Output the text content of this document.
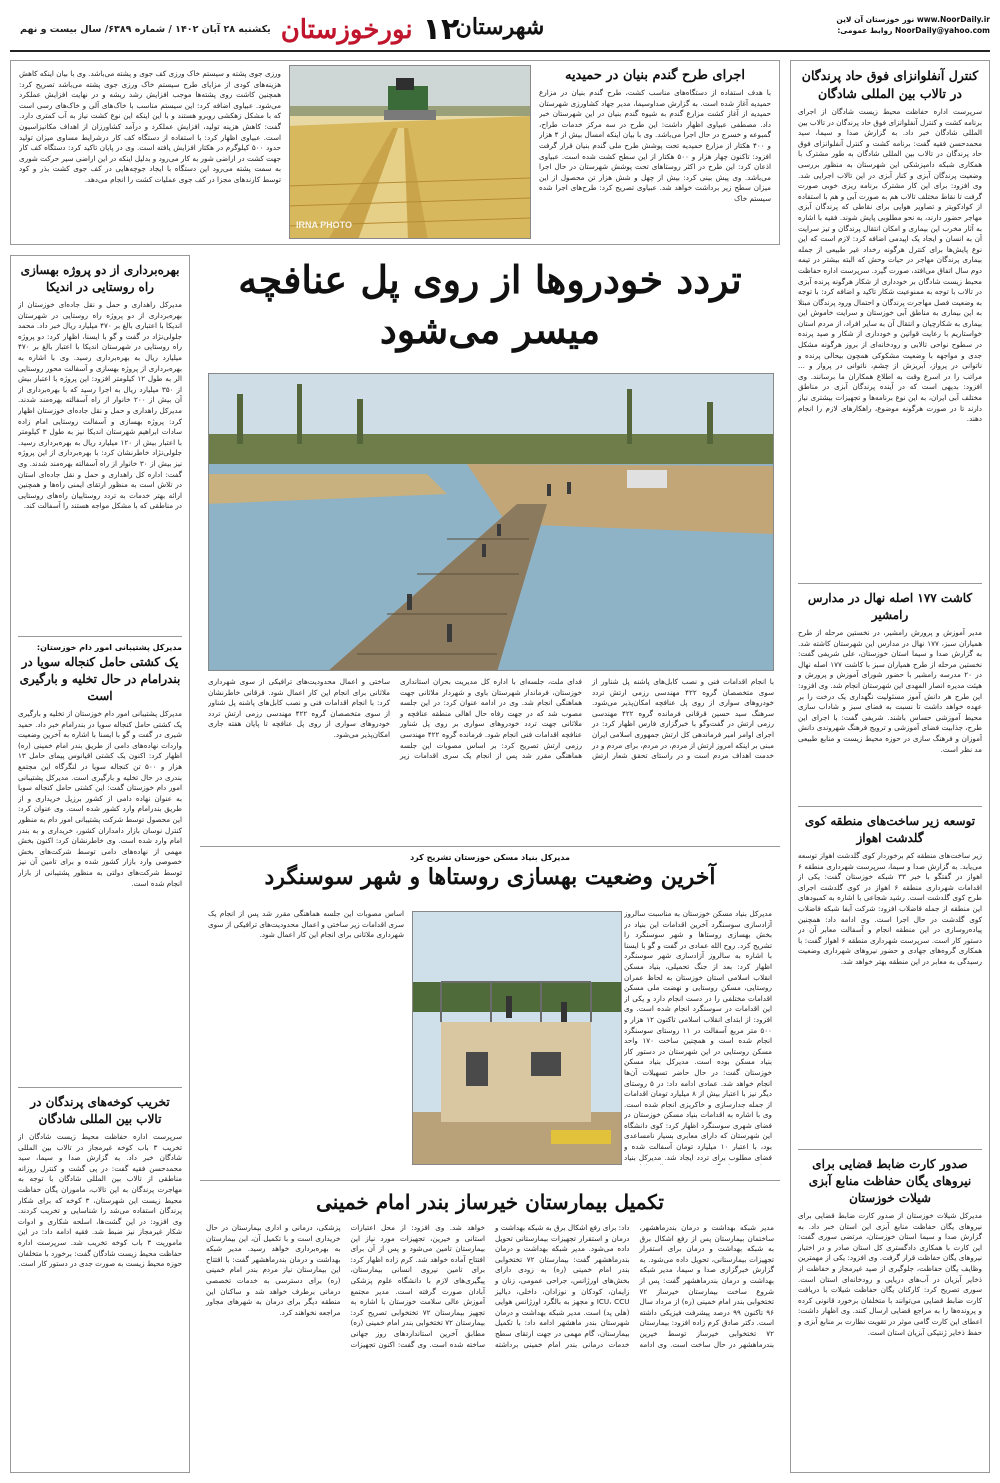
۱۲
نورخوزستان
یکشنبه ۲۸ آبان ۱۴۰۲ / شماره ۶۳۸۹/ سال بیست و نهم	شهرستان	www.NoorDaily.ir نور خوزستان آن لاین
NoorDaily@yahoo.com روابط عمومی:
کنترل آنفلوانزای فوق حاد پرندگان در تالاب بین المللی شادگان
سرپرست اداره حفاظت محیط زیست شادگان از اجرای برنامه کشت و کنترل آنفلوانزای فوق حاد پرندگان در تالاب بین المللی شادگان خبر داد. به گزارش صدا و سیما، سید محمدحسن فقیه گفت: برنامه کشت و کنترل آنفلوانزای فوق حاد پرندگان در تالاب بین المللی شادگان به طور مشترک با همکاری شبکه دامپزشکی این شهرستان به منظور بررسی وضعیت پرندگان آبزی و کنار آبزی در این تالاب اجرایی شد. وی افزود: برای این کار مشترک برنامه ریزی خوبی صورت گرفت تا نقاط مختلف تالاب هم به صورت آبی و هم با استفاده از کوادکوپتر و تصاویر هوایی برای نقاطی که پرندگان آبزی مهاجر حضور دارند، به نحو مطلوبی پایش شوند. فقیه با اشاره به آثار مخرب این بیماری و امکان انتقال پرندگان و تیز سرایت آن به انسان و ایجاد یک اپیدمی اضافه کرد: لازم است که این نوع پایش‌ها برای کنترل هرگونه رخداد غیر طبیعی از جمله بیماری پرندگان مهاجر در حیات وحش که البته بیشتر در تیمه دوم سال اتفاق می‌افتد، صورت گیرد. سرپرست اداره حفاظت محیط زیست شادگان بر خودداری از شکار هرگونه پرنده آبزی در تالاب با توجه به ممنوعیت شکار تاکید و اضافه کرد: با توجه به وضعیت فصل مهاجرت پرندگان و احتمال ورود پرندگان مبتلا به این بیماری به مناطق آبی خوزستان و سرایت خاموش این بیماری به شکارچیان و انتقال آن به سایر افراد، از مردم استان خواستاریم با رعایت قوانین و خودداری از شکار و صید پرنده در سطوح نواحی تالابی و رودخانه‌ای از بروز هرگونه مشکل جدی و مواجهه با وضعیت مشکوکی همچون بیحالی پرنده و ناتوانی در پرواز، آبریزش از چشم، ناتوانی در پرواز و ... مراتب را در اسرع وقت به اطلاع همکاران ما برسانند. وی افزود: بدیهی است که در آینده پرندگان آبزی در مناطق مختلف آبی ایران، به این نوع برنامه‌ها و تجهیزات بیشتری نیاز دارند تا در صورت هرگونه موضوع، راهکارهای لازم را انجام دهند.
کاشت ۱۷۷ اصله نهال در مدارس رامشیر
مدیر آموزش و پرورش رامشیر، در نخستین مرحله از طرح همیاران سبز، ۱۷۷ نهال در مدارس این شهرستان کاشته شد. به گزارش صدا و سیما استان خوزستان، علی شریفی گفت: نخستین مرحله از طرح همیاران سبز با کاشت ۱۷۷ اصله نهال در ۲۰ مدرسه رامشیر با حضور شورای آموزش و پرورش و هیئت مدیره انصار المهدی این شهرستان انجام شد. وی افزود: این طرح هر دانش آموز مسئولیت نگهداری یک درخت را بر عهده خواهد داشت تا نسبت به فضای سبز و شاداب سازی محیط آموزشی حساس باشند. شریفی گفت: با اجرای این طرح، جذابیت فضای آموزشی و ترویج فرهنگ شهروندی دانش آموزان و فرهنگ سازی در حوزه محیط زیست و منابع طبیعی مد نظر است.
توسعه زیر ساخت‌های منطقه کوی گلدشت اهواز
زیر ساخت‌های منطقه کم برخوردار کوی گلدشت اهواز توسعه می‌یابد. به گزارش صدا و سیما، سرپرست شهرداری منطقه ۶ اهواز در گفتگو با خبر ۳۳ شبکه خوزستان گفت: یکی از اقدامات شهرداری منطقه ۶ اهواز در کوی گلدشت اجرای طرح کوی گلدشت است. رشید شجاعی با اشاره به کمبودهای این منطقه از جمله فاضلاب افزود: شرکت آبفا شبکه فاضلاب کوی گلدشت در حال اجرا است. وی ادامه داد: همچنین پیاده‌روسازی در این منطقه انجام و آسفالت معابر آن در دستور کار است. سرپرست شهرداری منطقه ۶ اهواز گفت: با همکاری گروه‌های جهادی و حضور نیروهای شهرداری وضعیت رسیدگی به معابر در این منطقه بهتر خواهد شد.
صدور کارت ضابط قضایی برای نیروهای یگان حفاظت منابع آبزی شیلات خوزستان
مدیرکل شیلات خوزستان از صدور کارت ضابط قضایی برای نیروهای یگان حفاظت منابع آبزی این استان خبر داد. به گزارش صدا و سیما استان خوزستان، مرتضی سوری گفت: این کارت با همکاری دادگستری کل استان صادر و در اختیار نیروهای یگان حفاظت قرار گرفت. وی افزود: یکی از مهمترین وظایف یگان حفاظت، جلوگیری از صید غیرمجاز و حفاظت از ذخایر آبزیان در آب‌های دریایی و رودخانه‌ای استان است. سوری تصریح کرد: کارکنان یگان حفاظت شیلات با دریافت کارت ضابط قضایی می‌توانند با متخلفان برخورد قانونی کرده و پرونده‌ها را به مراجع قضایی ارسال کنند. وی اظهار داشت: اعطای این کارت گامی موثر در تقویت نظارت بر منابع آبزی و حفظ ذخایر ژنتیکی آبزیان استان است.
اجرای طرح گندم بنیان در حمیدیه
با هدف استفاده از دستگاه‌های مناسب کشت، طرح گندم بنیان در مزارع حمیدیه آغاز شده است. به گزارش صداوسیما، مدیر جهاد کشاورزی شهرستان حمیدیه از آغاز کشت مزارع گندم به شیوه گندم بنیان در این شهرستان خبر داد. مصطفی عبیاوی اظهار داشت: این طرح در سه مرکز خدمات طراح، گمبوعه و خسرج در حال اجرا می‌باشد. وی با بیان اینکه امسال بیش از ۴ هزار و ۴۰۰ هکتار از مزارع حمیدیه تحت پوشش طرح ملی گندم بنیان قرار گرفت افزود: تاکنون چهار هزار و ۵۰۰ هکتار از این سطح کشت شده است. عبیاوی اذعان کرد: این طرح در اکثر روستاهای تحت پوشش شهرستان در حال اجرا می‌باشد. وی پیش بینی کرد: بیش از چهل و شش هزار تن محصول از این میزان سطح زیر برداشت خواهد شد. عبیاوی تصریح کرد: طرح‌های اجرا شده سیستم خاک
IRNA PHOTO
ورزی جوی پشته و سیستم خاک ورزی کف جوی و پشته می‌باشد. وی با بیان اینکه کاهش هزینه‌های کودی از مزایای طرح سیستم خاک ورزی جوی پشته می‌باشد تصریح کرد: همچنین کاشت روی پشته‌ها موجب افزایش رشد ریشه و در نهایت افزایش عملکرد می‌شود. عبیاوی اضافه کرد: این سیستم مناسب با خاک‌های آلی و خاک‌های رسی است که با مشکل زهکشی روبرو هستند و با این اینکه این نوع کشت نیاز به آب کمتری دارد. گفت: کاهش هزینه تولید، افزایش عملکرد و درآمد کشاورزان از اهداف مکانیزاسیون است. عبیاوی اظهار کرد: با استفاده از دستگاه کف کار درشرایط مساوی میزان تولید حدود ۵۰۰ کیلوگرم در هکتار افزایش یافته است. وی در پایان تاکید کرد: دستگاه کف کار جهت کشت در اراضی شور به کار می‌رود و بدلیل اینکه در این اراضی سیر حرکت شوری به سمت پشته می‌رود این دستگاه با ایجاد جوچه‌هایی در کف جوی کشت بذر و کود توسط کارندهای مجزا در کف جوی عملیات کشت را انجام می‌دهد.
بهره‌برداری از دو پروژه بهسازی راه روستایی در اندیکا
مدیرکل راهداری و حمل و نقل جاده‌ای خوزستان از بهره‌برداری از دو پروژه راه روستایی در شهرستان اندیکا با اعتباری بالغ بر ۴۷۰ میلیارد ریال خبر داد. محمد جلولی‌نژاد در گفت و گو با ایسنا، اظهار کرد: دو پروژه راه روستایی در شهرستان اندیکا با اعتبار بالغ بر ۴۷۰ میلیارد ریال به بهره‌برداری رسید. وی با اشاره به بهره‌برداری از پروژه بهسازی و آسفالت محور روستایی الر به طول ۱۲ کیلومتر افزود: این پروژه با اعتبار بیش از ۳۵۰ میلیارد ریال به اجرا رسید که با بهره‌برداری از آن بیش از ۲۰۰ خانوار از راه آسفالته بهره‌مند شدند. مدیرکل راهداری و حمل و نقل جاده‌ای خوزستان اظهار کرد: پروژه بهسازی و آسفالت روستایی امام زاده سادات ابراهیم شهرستان اندیکا نیز به طول ۳ کیلومتر با اعتبار بیش از ۱۲۰ میلیارد ریال به بهره‌برداری رسید. جلولی‌نژاد خاطرنشان کرد: با بهره‌برداری از این پروژه نیز بیش از ۳۰ خانوار از راه آسفالته بهره‌مند شدند. وی گفت: اداره کل راهداری و حمل و نقل جاده‌ای استان در تلاش است به منظور ارتقای ایمنی راه‌ها و همچنین ارائه بهتر خدمات به تردد روستاییان راه‌های روستایی در مناطقی که با مشکل مواجه هستند را آسفالت کند.
مدیرکل پشتیبانی امور دام خوزستان:
یک کشتی حامل کنجاله سویا در بندرامام در حال تخلیه و بارگیری است
مدیرکل پشتیبانی امور دام خوزستان از تخلیه و بارگیری یک کشتی حامل کنجاله سویا در بندرامام خبر داد. حمید شیری در گفت و گو با ایسنا با اشاره به آخرین وضعیت واردات نهاده‌های دامی از طریق بندر امام خمینی (ره) اظهار کرد: اکنون یک کشتی اقیانوس پیمای حامل ۱۳ هزار و ۵۰۰ تن کنجاله سویا در لنگرگاه این مجتمع بندری در حال تخلیه و بارگیری است. مدیرکل پشتیبانی امور دام خوزستان گفت: این کشتی حامل کنجاله سویا به عنوان نهاده دامی از کشور برزیل خریداری و از طریق بندرامام وارد کشور شده است. وی عنوان کرد: این محصول توسط شرکت پشتیبانی امور دام به منظور کنترل نوسان بازار دامداران کشور، خریداری و به بندر امام وارد شده است. وی خاطرنشان کرد: اکنون بخش مهمی از نهاده‌های دامی توسط شرکت‌های بخش خصوصی وارد بازار کشور شده و برای تامین آن نیز توسط شرکت‌های دولتی به منظور پشتیبانی از بازار انجام شده است.
تخریب کوخه‌های پرندگان در تالاب بین المللی شادگان
سرپرست اداره حفاظت محیط زیست شادگان از تخریب ۳ باب کوخه غیرمجاز در تالاب بین المللی شادگان خبر داد. به گزارش صدا و سیما، سید محمدحسن فقیه گفت: در پی گشت و کنترل روزانه مناطقی از تالاب بین المللی شادگان با توجه به مهاجرت پرندگان به این تالاب، ماموران یگان حفاظت محیط زیست این شهرستان، ۳ کوخه که برای شکار پرندگان استفاده می‌شد را شناسایی و تخریب کردند. وی افزود: در این گشت‌ها، اسلحه شکاری و ادوات شکار غیرمجاز نیز ضبط شد. فقیه ادامه داد: در این ماموریت ۳ باب کوخه تخریب شد. سرپرست اداره حفاظت محیط زیست شادگان گفت: برخورد با متخلفان حوزه محیط زیست به صورت جدی در دستور کار است.
تردد خودروها از روی پل عنافچه
میسر می‌شود
با انجام اقدامات فنی و نصب کابل‌های پاشنه پل شناور از سوی متخصصان گروه ۴۲۲ مهندسی رزمی ارتش تردد خودروهای سواری از روی پل عنافچه امکان‌پذیر می‌شود. سرهنگ سید حسین قرقانی فرمانده گروه ۴۲۲ مهندسی رزمی ارتش در گفت‌وگو با خبرگزاری فارس اظهار کرد: در اجرای اوامر امیر فرماندهی کل ارتش جمهوری اسلامی ایران مبنی بر اینکه امروز ارتش از مردم، در مردم، برای مردم و در خدمت اهداف مردم است و در راستای تحقق شعار ارتش فدای ملت، جلسه‌ای با اداره کل مدیریت بحران استانداری خوزستان، فرماندار شهرستان باوی و شهردار ملاثانی جهت هماهنگی انجام شد. وی در ادامه عنوان کرد: در این جلسه مصوب شد که در جهت رفاه حال اهالی منطقه عنافچه و ملاثانی جهت تردد خودروهای سواری بر روی پل شناور عنافچه اقدامات فنی انجام شود. فرمانده گروه ۴۲۲ مهندسی رزمی ارتش تصریح کرد: بر اساس مصوبات این جلسه هماهنگی مقرر شد پس از انجام یک سری اقدامات زیر ساختی و اعمال محدودیت‌های ترافیکی از سوی شهرداری ملاثانی برای انجام این کار اعمال شود. قرقانی خاطرنشان کرد: با انجام اقدامات فنی و نصب کابل‌های پاشنه پل شناور از سوی متخصصان گروه ۴۲۲ مهندسی رزمی ارتش تردد خودروهای سواری از روی پل عنافچه تا پایان هفته جاری امکان‌پذیر می‌شود.
مدیرکل بنیاد مسکن خوزستان تشریح کرد
آخرین وضعیت بهسازی روستاها و شهر سوسنگرد
مدیرکل بنیاد مسکن خوزستان به مناسبت سالروز آزادسازی سوسنگرد آخرین اقدامات این بنیاد در بخش بهسازی روستاها و شهر سوسنگرد را تشریح کرد. روح الله عمادی در گفت و گو با ایسنا با اشاره به سالروز آزادسازی شهر سوسنگرد اظهار کرد: بعد از جنگ تحمیلی، بنیاد مسکن انقلاب اسلامی استان خوزستان به لحاظ عمران روستایی، مسکن روستایی و نهضت ملی مسکن اقدامات مختلفی را در دست انجام دارد و یکی از این اقدامات در سوسنگرد انجام شده است. وی افزود: از ابتدای انقلاب اسلامی تاکنون ۱۲ هزار و ۵۰۰ متر مربع آسفالت در ۱۱ روستای سوسنگرد انجام شده است و همچنین ساخت ۱۷۰ واحد مسکن روستایی در این شهرستان در دستور کار بنیاد مسکن بوده است. مدیرکل بنیاد مسکن خوزستان گفت: در حال حاضر تسهیلات آن‌ها انجام خواهد شد. عمادی ادامه داد: در ۵ روستای دیگر نیز با اعتبار بیش از ۸ میلیارد تومان اقدامات از جمله جدارسازی و خاکریزی انجام شده است. وی با اشاره به اقدامات بنیاد مسکن خوزستان در فضای شهری سوسنگرد اظهار کرد: کوی دانشگاه این شهرستان که دارای معابری بسیار نامساعدی بود، با اعتبار ۱۰ میلیارد تومان آسفالت شده و فضای مطلوب برای تردد ایجاد شد. مدیرکل بنیاد
اساس مصوبات این جلسه هماهنگی مقرر شد پس از انجام یک سری اقدامات زیر ساختی و اعمال محدودیت‌های ترافیکی از سوی شهرداری ملاثانی برای انجام این کار اعمال شود.
تکمیل بیمارستان خیرساز بندر امام خمینی
مدیر شبکه بهداشت و درمان بندرماهشهر، ساختمان بیمارستان پس از رفع اشکال برق به شبکه بهداشت و درمان برای استقرار تجهیزات بیمارستانی، تحویل داده می‌شود. به گزارش خبرگزاری صدا و سیما، مدیر شبکه بهداشت و درمان بندرماهشهر گفت: پس از شروع ساخت بیمارستان خیرساز ۷۲ تختخوابی بندر امام خمینی (ره) از مرداد سال ۹۶ تاکنون ۹۹ درصد پیشرفت فیزیکی داشته است. دکتر صادق کرم زاده افزود: بیمارستان ۷۲ تختخوابی خیرساز توسط خیرین بندرماهشهر در حال ساخت است. وی ادامه داد: برای رفع اشکال برق به شبکه بهداشت و درمان و استقرار تجهیزات بیمارستانی تحویل داده می‌شود. مدیر شبکه بهداشت و درمان بندرماهشهر گفت: بیمارستان ۷۲ تختخوابی بندر امام خمینی (ره) به زودی دارای بخش‌های اورژانس، جراحی عمومی، زنان و زایمان، کودکان و نوزادان، داخلی، دیالیز ICU، CCU و مجهز به بالگرد اورژانس هوایی (هلی پد) است. مدیر شبکه بهداشت و درمان شهرستان بندر ماهشهر ادامه داد: با تکمیل بیمارستان، گام مهمی در جهت ارتقای سطح خدمات درمانی بندر امام خمینی برداشته خواهد شد. وی افزود: از محل اعتبارات استانی و خیرین، تجهیزات مورد نیاز این بیمارستان تامین می‌شود و پس از آن برای افتتاح آماده خواهد شد. کرم زاده اظهار کرد: برای تامین نیروی انسانی بیمارستان، پیگیری‌های لازم با دانشگاه علوم پزشکی آبادان صورت گرفته است. مدیر مجتمع آموزش عالی سلامت خوزستان با اشاره به تجهیز بیمارستان ۷۲ تختخوابی تصریح کرد: بیمارستان ۷۲ تختخوابی بندر امام خمینی (ره) مطابق آخرین استانداردهای روز جهانی ساخته شده است. وی گفت: اکنون تجهیزات پزشکی، درمانی و اداری بیمارستان در حال خریداری است و با تکمیل آن، این بیمارستان به بهره‌برداری خواهد رسید. مدیر شبکه بهداشت و درمان بندرماهشهر گفت: با افتتاح این بیمارستان نیاز مردم بندر امام خمینی (ره) برای دسترسی به خدمات تخصصی درمانی برطرف خواهد شد و ساکنان این منطقه دیگر برای درمان به شهرهای مجاور مراجعه نخواهند کرد.
